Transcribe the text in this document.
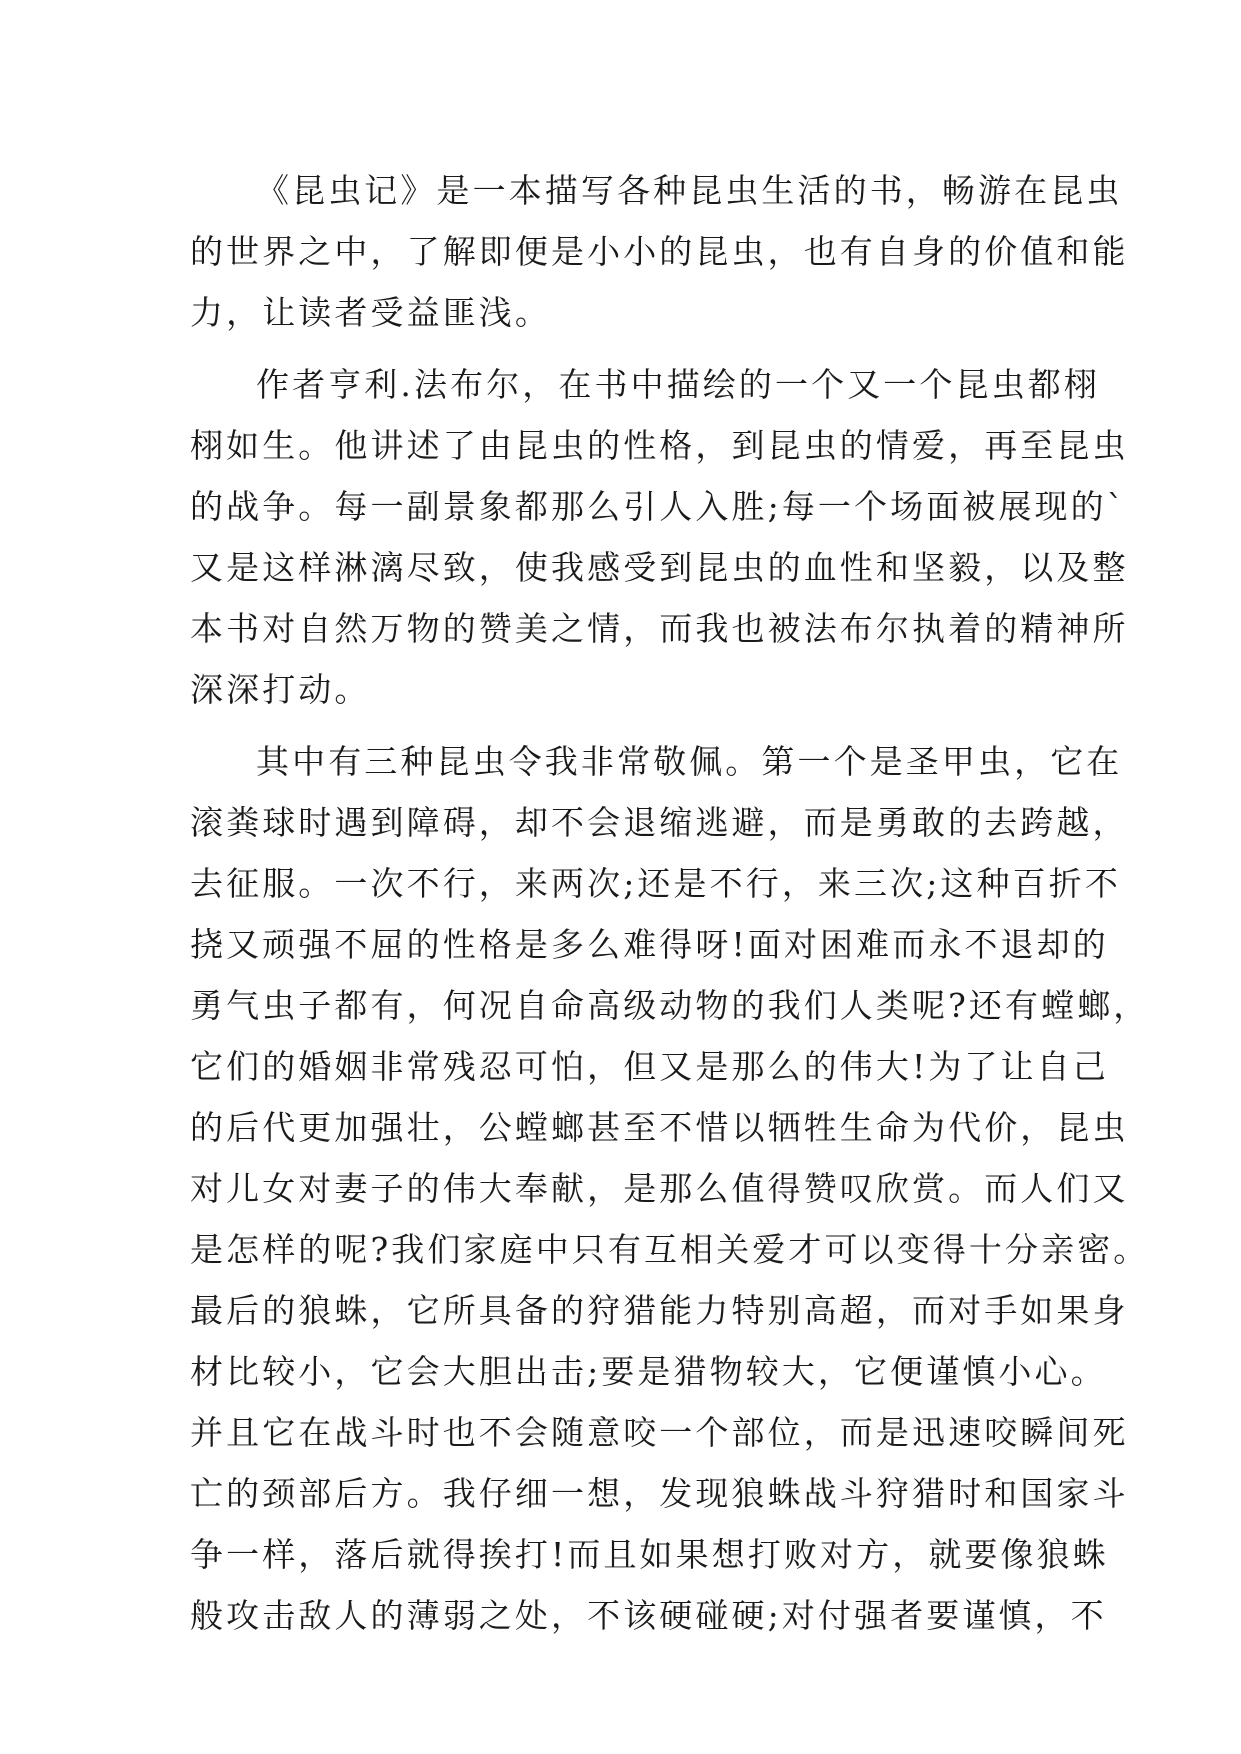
《昆虫记》是一本描写各种昆虫生活的书，畅游在昆虫
的世界之中，了解即便是小小的昆虫，也有自身的价值和能
力，让读者受益匪浅。
作者亨利.法布尔，在书中描绘的一个又一个昆虫都栩
栩如生。他讲述了由昆虫的性格，到昆虫的情爱，再至昆虫
的战争。每一副景象都那么引人入胜;每一个场面被展现的`
又是这样淋漓尽致，使我感受到昆虫的血性和坚毅，以及整
本书对自然万物的赞美之情，而我也被法布尔执着的精神所
深深打动。
其中有三种昆虫令我非常敬佩。第一个是圣甲虫，它在
滚粪球时遇到障碍，却不会退缩逃避，而是勇敢的去跨越，
去征服。一次不行，来两次;还是不行，来三次;这种百折不
挠又顽强不屈的性格是多么难得呀!面对困难而永不退却的
勇气虫子都有，何况自命高级动物的我们人类呢?还有螳螂，
它们的婚姻非常残忍可怕，但又是那么的伟大!为了让自己
的后代更加强壮，公螳螂甚至不惜以牺牲生命为代价，昆虫
对儿女对妻子的伟大奉献，是那么值得赞叹欣赏。而人们又
是怎样的呢?我们家庭中只有互相关爱才可以变得十分亲密。
最后的狼蛛，它所具备的狩猎能力特别高超，而对手如果身
材比较小，它会大胆出击;要是猎物较大，它便谨慎小心。
并且它在战斗时也不会随意咬一个部位，而是迅速咬瞬间死
亡的颈部后方。我仔细一想，发现狼蛛战斗狩猎时和国家斗
争一样，落后就得挨打!而且如果想打败对方，就要像狼蛛
般攻击敌人的薄弱之处，不该硬碰硬;对付强者要谨慎，不
